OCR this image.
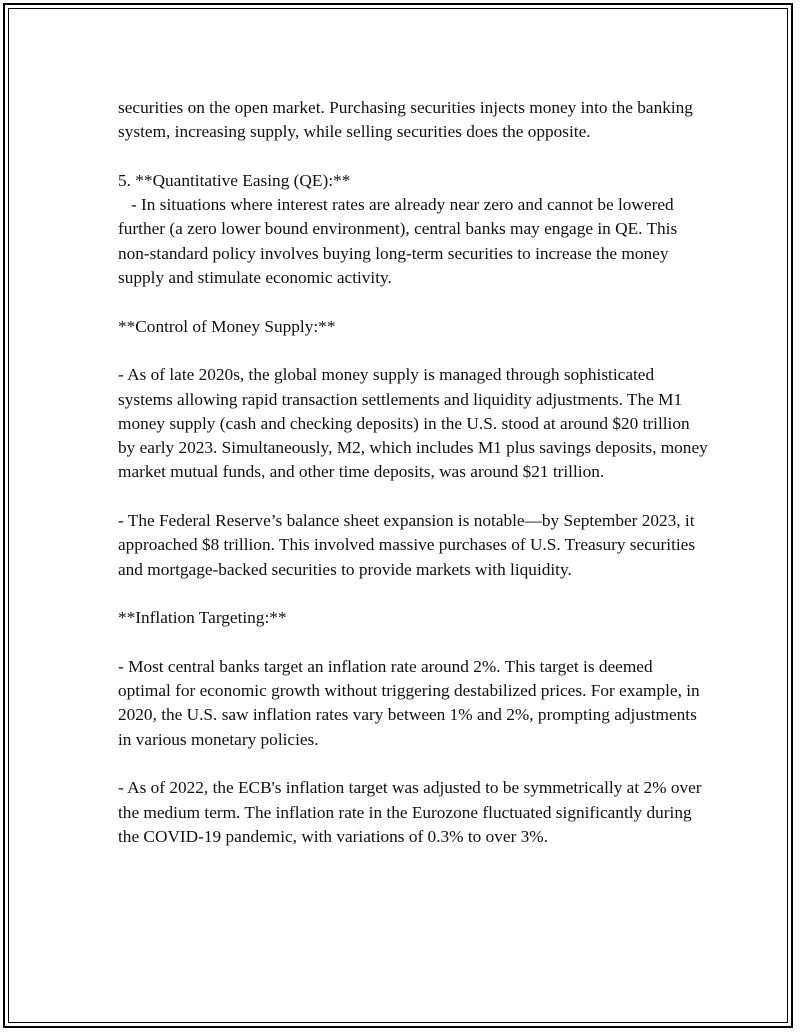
securities on the open market. Purchasing securities injects money into the banking system, increasing supply, while selling securities does the opposite.

5. **Quantitative Easing (QE):**
- In situations where interest rates are already near zero and cannot be lowered further (a zero lower bound environment), central banks may engage in QE. This non-standard policy involves buying long-term securities to increase the money supply and stimulate economic activity.

**Control of Money Supply:**

- As of late 2020s, the global money supply is managed through sophisticated systems allowing rapid transaction settlements and liquidity adjustments. The M1 money supply (cash and checking deposits) in the U.S. stood at around $20 trillion by early 2023. Simultaneously, M2, which includes M1 plus savings deposits, money market mutual funds, and other time deposits, was around $21 trillion.

- The Federal Reserve’s balance sheet expansion is notable—by September 2023, it approached $8 trillion. This involved massive purchases of U.S. Treasury securities and mortgage-backed securities to provide markets with liquidity.

**Inflation Targeting:**

- Most central banks target an inflation rate around 2%. This target is deemed optimal for economic growth without triggering destabilized prices. For example, in 2020, the U.S. saw inflation rates vary between 1% and 2%, prompting adjustments in various monetary policies.

- As of 2022, the ECB's inflation target was adjusted to be symmetrically at 2% over the medium term. The inflation rate in the Eurozone fluctuated significantly during the COVID-19 pandemic, with variations of 0.3% to over 3%.
